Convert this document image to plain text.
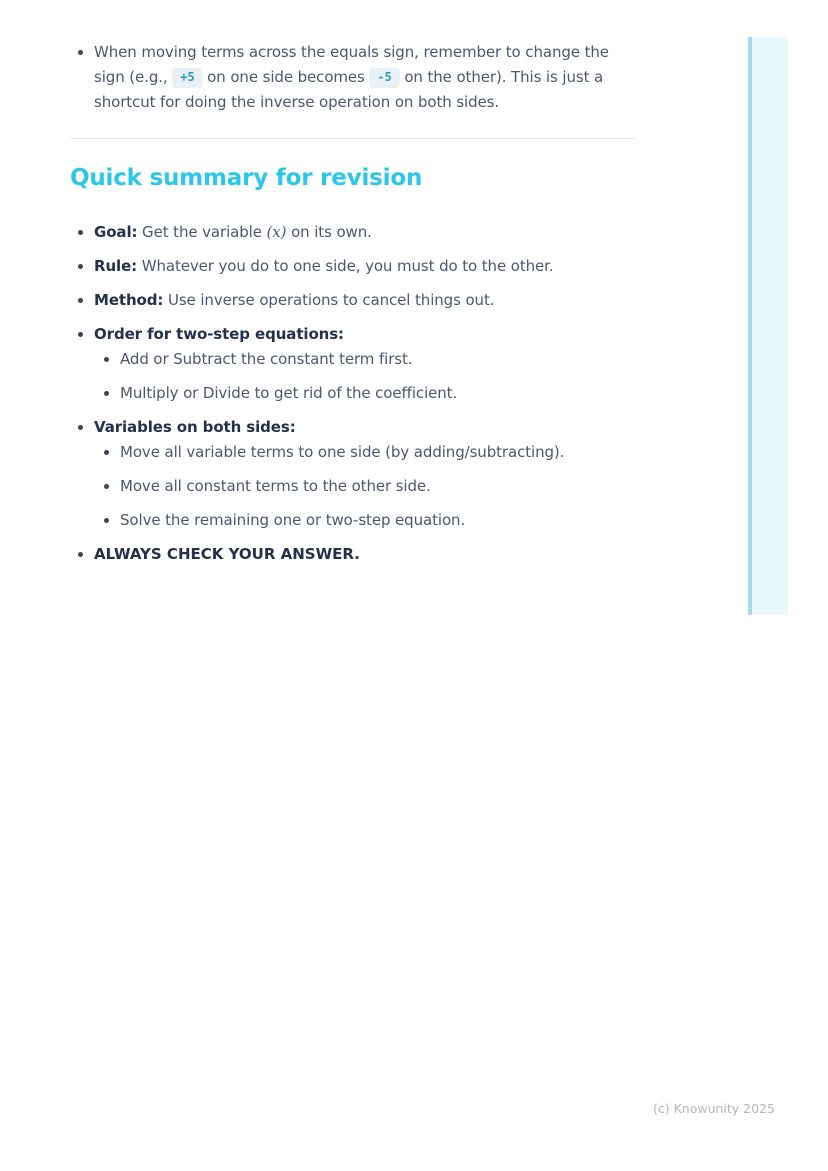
When moving terms across the equals sign, remember to change the sign (e.g., +5 on one side becomes -5 on the other). This is just a shortcut for doing the inverse operation on both sides.

Quick summary for revision

Goal: Get the variable (x) on its own.

Rule: Whatever you do to one side, you must do to the other.

Method: Use inverse operations to cancel things out.

Order for two-step equations:

Add or Subtract the constant term first.

Multiply or Divide to get rid of the coefficient.

Variables on both sides:

Move all variable terms to one side (by adding/subtracting).

Move all constant terms to the other side.

Solve the remaining one or two-step equation.

ALWAYS CHECK YOUR ANSWER.

(c) Knowunity 2025
